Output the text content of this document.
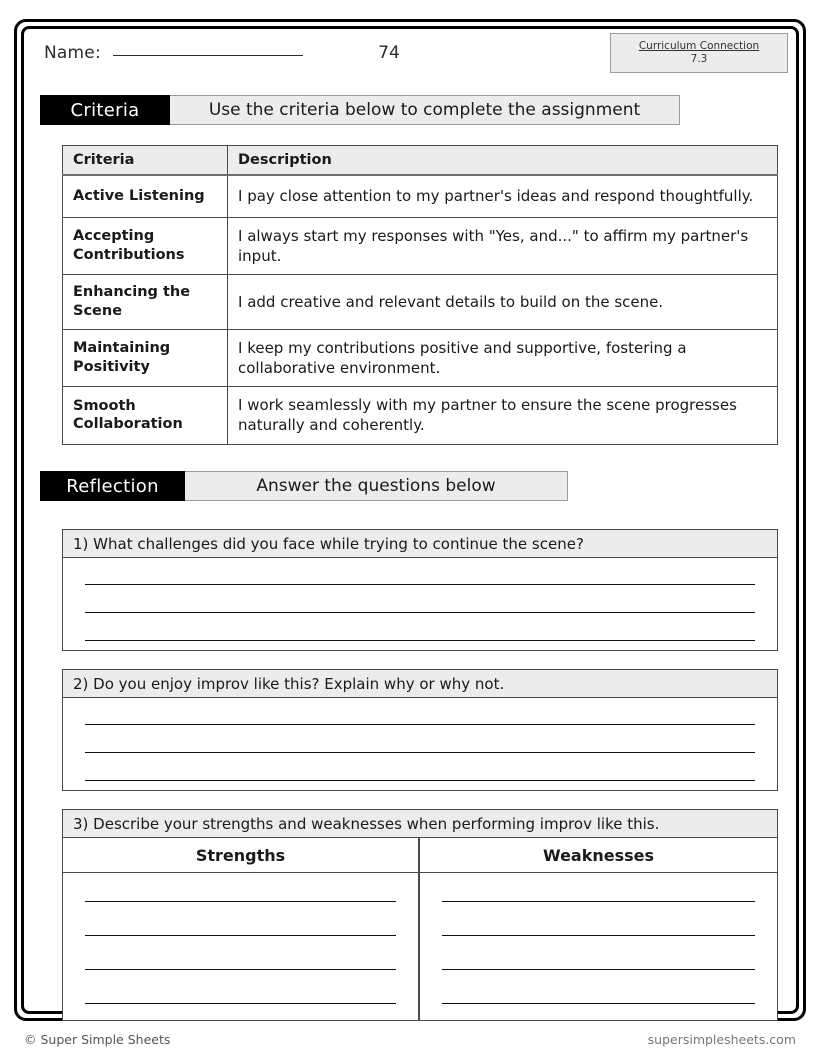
Name:	74	Curriculum Connection
7.3
Criteria	Use the criteria below to complete the assignment
Criteria	Description
Active Listening	I pay close attention to my partner's ideas and respond thoughtfully.
Accepting Contributions	I always start my responses with "Yes, and..." to affirm my partner's input.
Enhancing the Scene	I add creative and relevant details to build on the scene.
Maintaining Positivity	I keep my contributions positive and supportive, fostering a collaborative environment.
Smooth Collaboration	I work seamlessly with my partner to ensure the scene progresses naturally and coherently.
Reflection	Answer the questions below
1) What challenges did you face while trying to continue the scene?
2) Do you enjoy improv like this? Explain why or why not.
3) Describe your strengths and weaknesses when performing improv like this.
Strengths	Weaknesses
© Super Simple Sheets	supersimplesheets.com
